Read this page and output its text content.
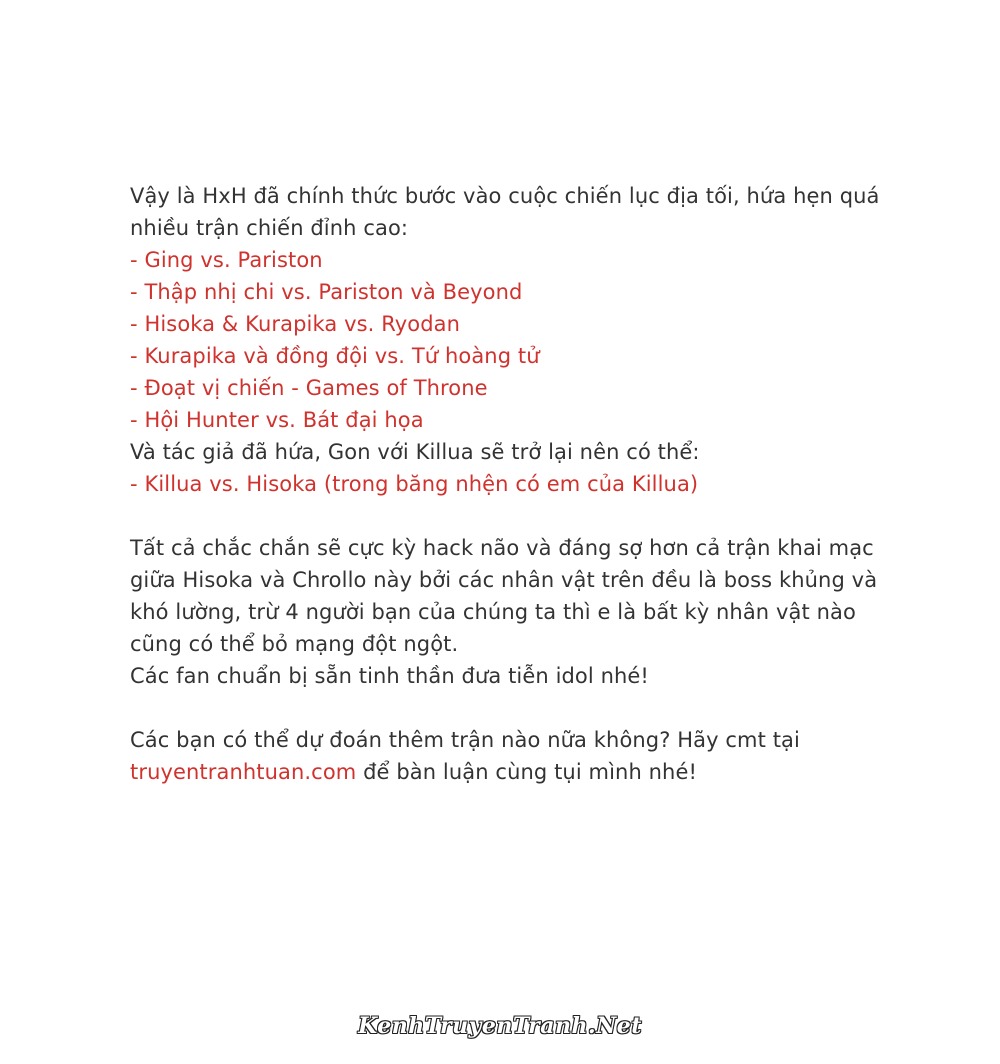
Vậy là HxH đã chính thức bước vào cuộc chiến lục địa tối, hứa hẹn quá
nhiều trận chiến đỉnh cao:
- Ging vs. Pariston
- Thập nhị chi vs. Pariston và Beyond
- Hisoka & Kurapika vs. Ryodan
- Kurapika và đồng đội vs. Tứ hoàng tử
- Đoạt vị chiến - Games of Throne
- Hội Hunter vs. Bát đại họa
Và tác giả đã hứa, Gon với Killua sẽ trở lại nên có thể:
- Killua vs. Hisoka (trong băng nhện có em của Killua)
Tất cả chắc chắn sẽ cực kỳ hack não và đáng sợ hơn cả trận khai mạc
giữa Hisoka và Chrollo này bởi các nhân vật trên đều là boss khủng và
khó lường, trừ 4 người bạn của chúng ta thì e là bất kỳ nhân vật nào
cũng có thể bỏ mạng đột ngột.
Các fan chuẩn bị sẵn tinh thần đưa tiễn idol nhé!
Các bạn có thể dự đoán thêm trận nào nữa không? Hãy cmt tại
truyentranhtuan.com để bàn luận cùng tụi mình nhé!
KenhTruyenTranh.Net
